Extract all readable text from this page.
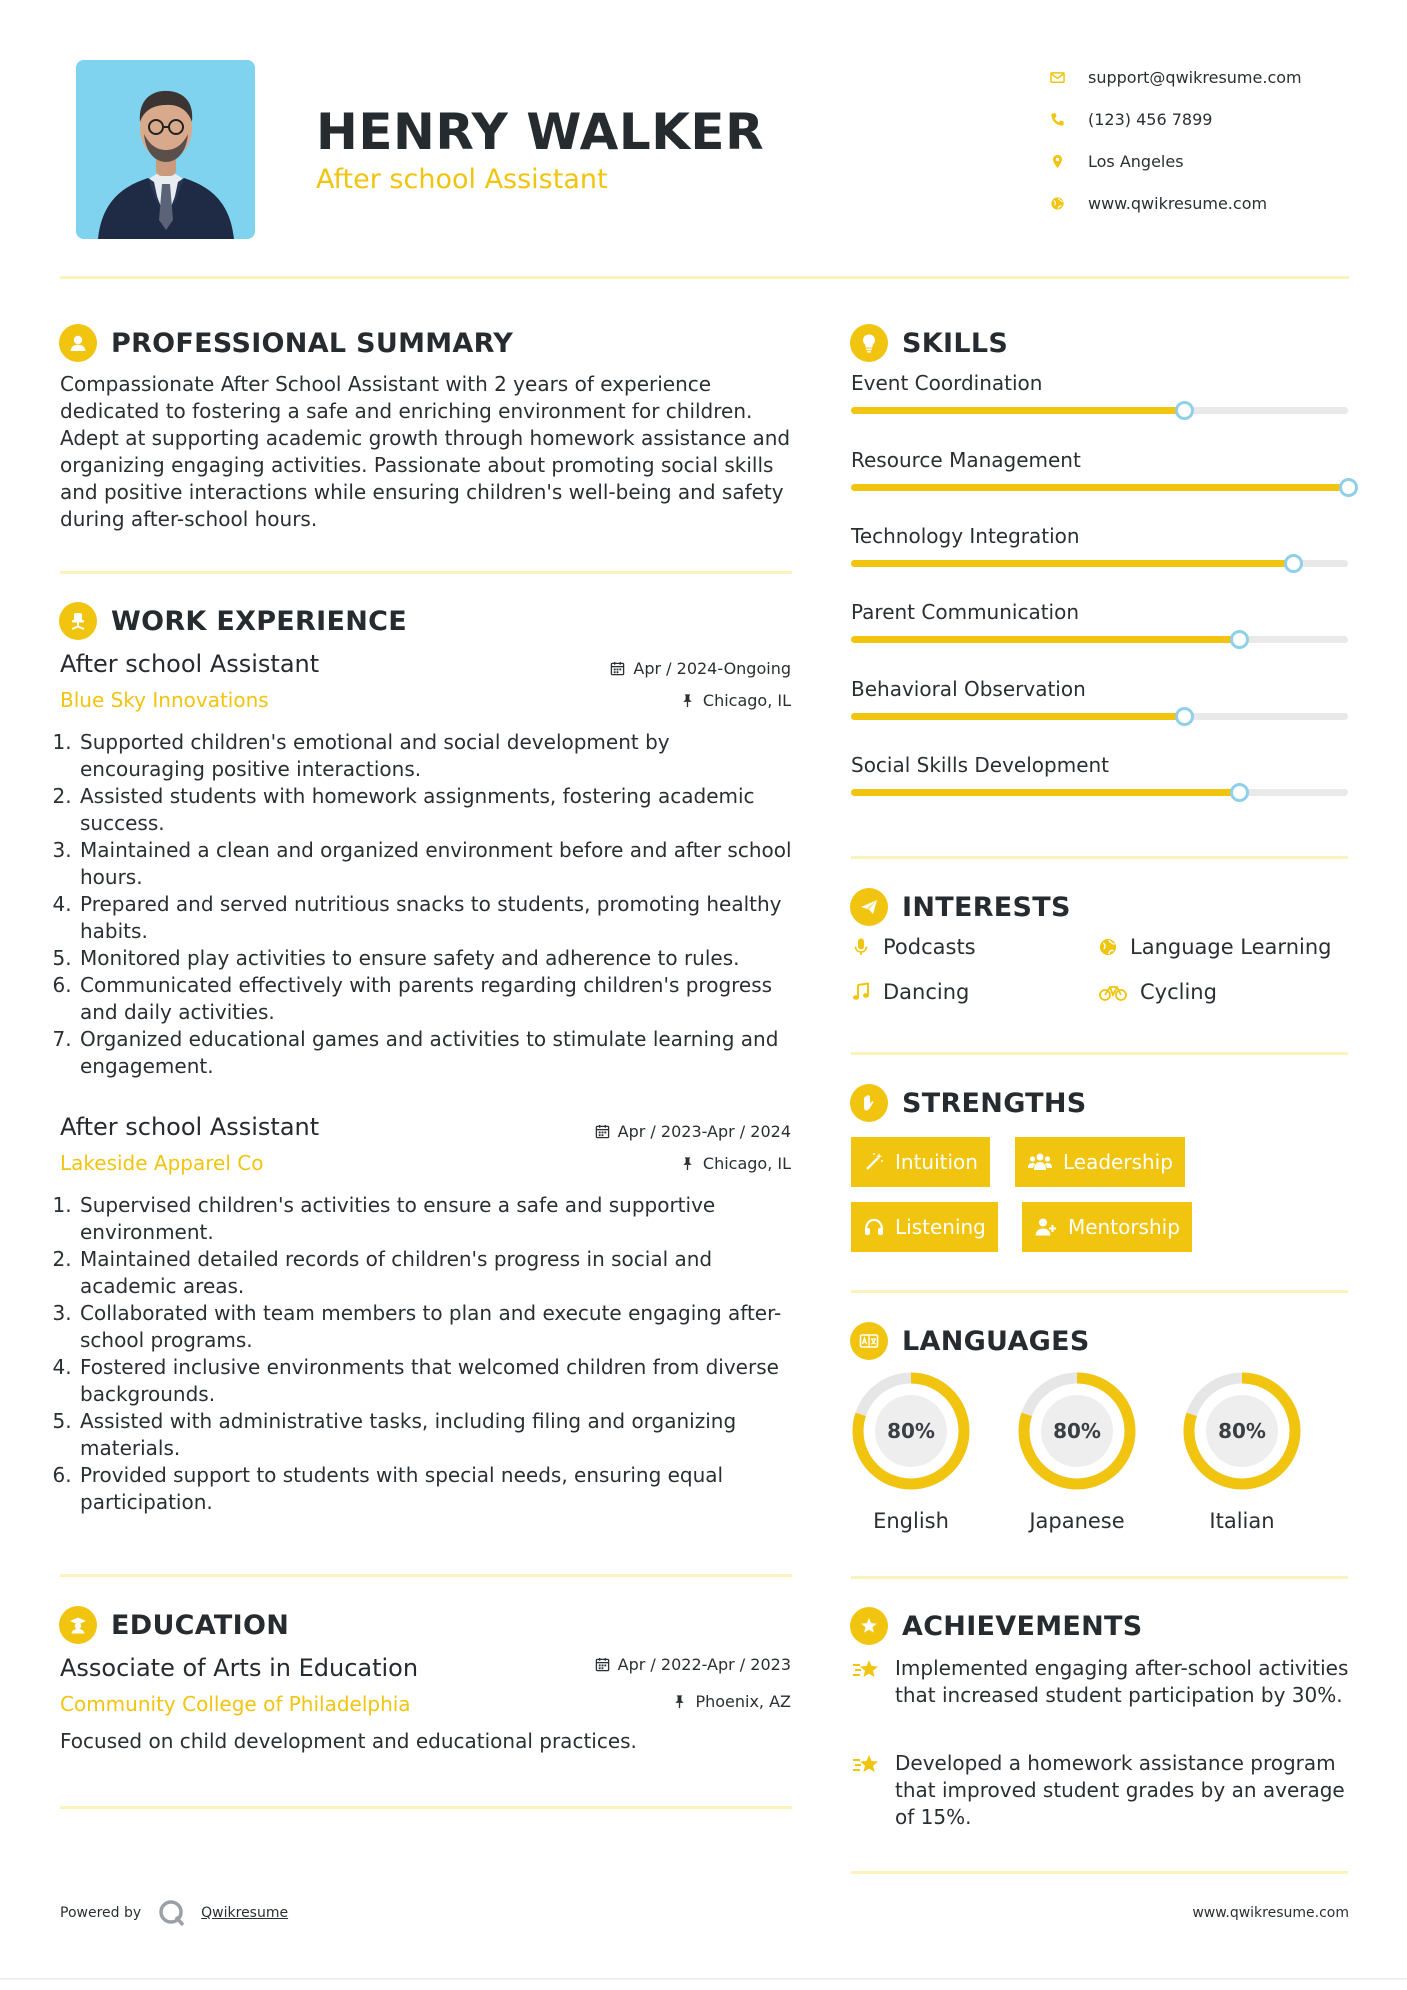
HENRY WALKER
After school Assistant
support@qwikresume.com
(123) 456 7899
Los Angeles
www.qwikresume.com
PROFESSIONAL SUMMARY
Compassionate After School Assistant with 2 years of experience dedicated to fostering a safe and enriching environment for children. Adept at supporting academic growth through homework assistance and organizing engaging activities. Passionate about promoting social skills and positive interactions while ensuring children's well-being and safety during after-school hours.
WORK EXPERIENCE
After school Assistant
Blue Sky Innovations
Apr / 2024-Ongoing
Chicago, IL
1. Supported children's emotional and social development by encouraging positive interactions.
2. Assisted students with homework assignments, fostering academic success.
3. Maintained a clean and organized environment before and after school hours.
4. Prepared and served nutritious snacks to students, promoting healthy habits.
5. Monitored play activities to ensure safety and adherence to rules.
6. Communicated effectively with parents regarding children's progress and daily activities.
7. Organized educational games and activities to stimulate learning and engagement.
After school Assistant
Lakeside Apparel Co
Apr / 2023-Apr / 2024
Chicago, IL
1. Supervised children's activities to ensure a safe and supportive environment.
2. Maintained detailed records of children's progress in social and academic areas.
3. Collaborated with team members to plan and execute engaging after-school programs.
4. Fostered inclusive environments that welcomed children from diverse backgrounds.
5. Assisted with administrative tasks, including filing and organizing materials.
6. Provided support to students with special needs, ensuring equal participation.
EDUCATION
Associate of Arts in Education
Community College of Philadelphia
Apr / 2022-Apr / 2023
Phoenix, AZ
Focused on child development and educational practices.
SKILLS
Event Coordination
Resource Management
Technology Integration
Parent Communication
Behavioral Observation
Social Skills Development
INTERESTS
Podcasts	Language Learning
Dancing	Cycling
STRENGTHS
Intuition	Leadership
Listening	Mentorship
LANGUAGES
80%
English
80%
Japanese
80%
Italian
ACHIEVEMENTS
Implemented engaging after-school activities that increased student participation by 30%.
Developed a homework assistance program that improved student grades by an average of 15%.
Powered by	Qwikresume	www.qwikresume.com
